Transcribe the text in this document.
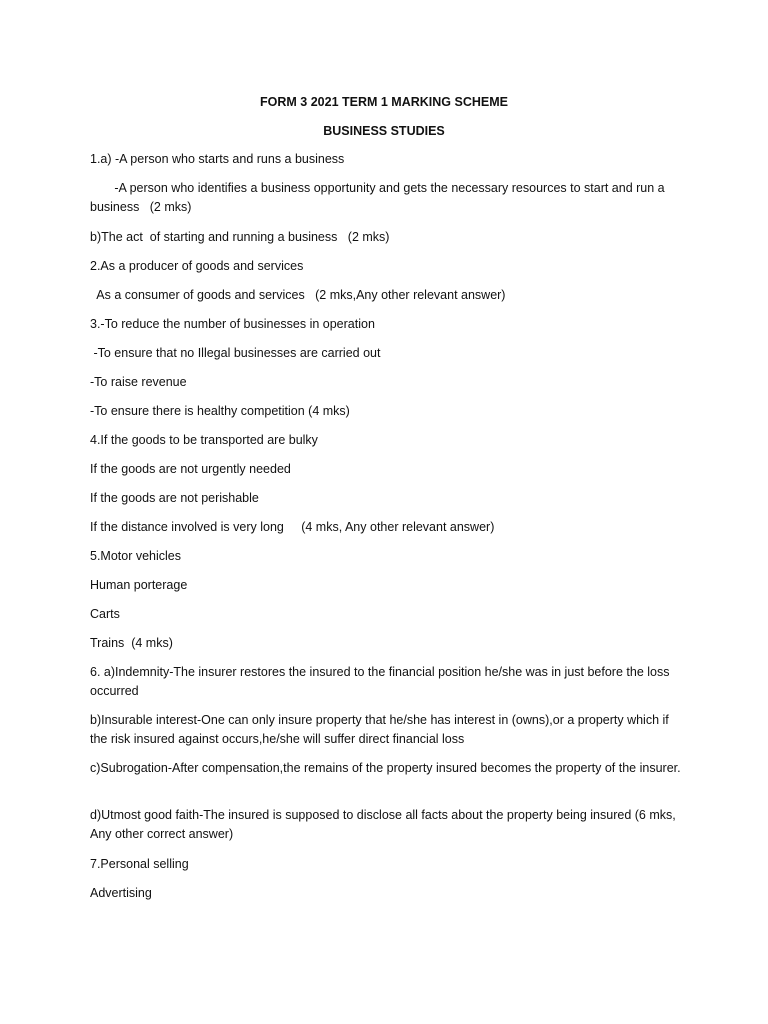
FORM 3 2021 TERM 1 MARKING SCHEME
BUSINESS STUDIES
1.a) -A person who starts and runs a business
-A person who identifies a business opportunity and gets the necessary resources to start and run a business   (2 mks)
b)The act  of starting and running a business   (2 mks)
2.As a producer of goods and services
As a consumer of goods and services   (2 mks,Any other relevant answer)
3.-To reduce the number of businesses in operation
-To ensure that no Illegal businesses are carried out
-To raise revenue
-To ensure there is healthy competition (4 mks)
4.If the goods to be transported are bulky
If the goods are not urgently needed
If the goods are not perishable
If the distance involved is very long     (4 mks, Any other relevant answer)
5.Motor vehicles
Human porterage
Carts
Trains  (4 mks)
6. a)Indemnity-The insurer restores the insured to the financial position he/she was in just before the loss occurred
b)Insurable interest-One can only insure property that he/she has interest in (owns),or a property which if the risk insured against occurs,he/she will suffer direct financial loss
c)Subrogation-After compensation,the remains of the property insured becomes the property of the insurer.
d)Utmost good faith-The insured is supposed to disclose all facts about the property being insured (6 mks, Any other correct answer)
7.Personal selling
Advertising
